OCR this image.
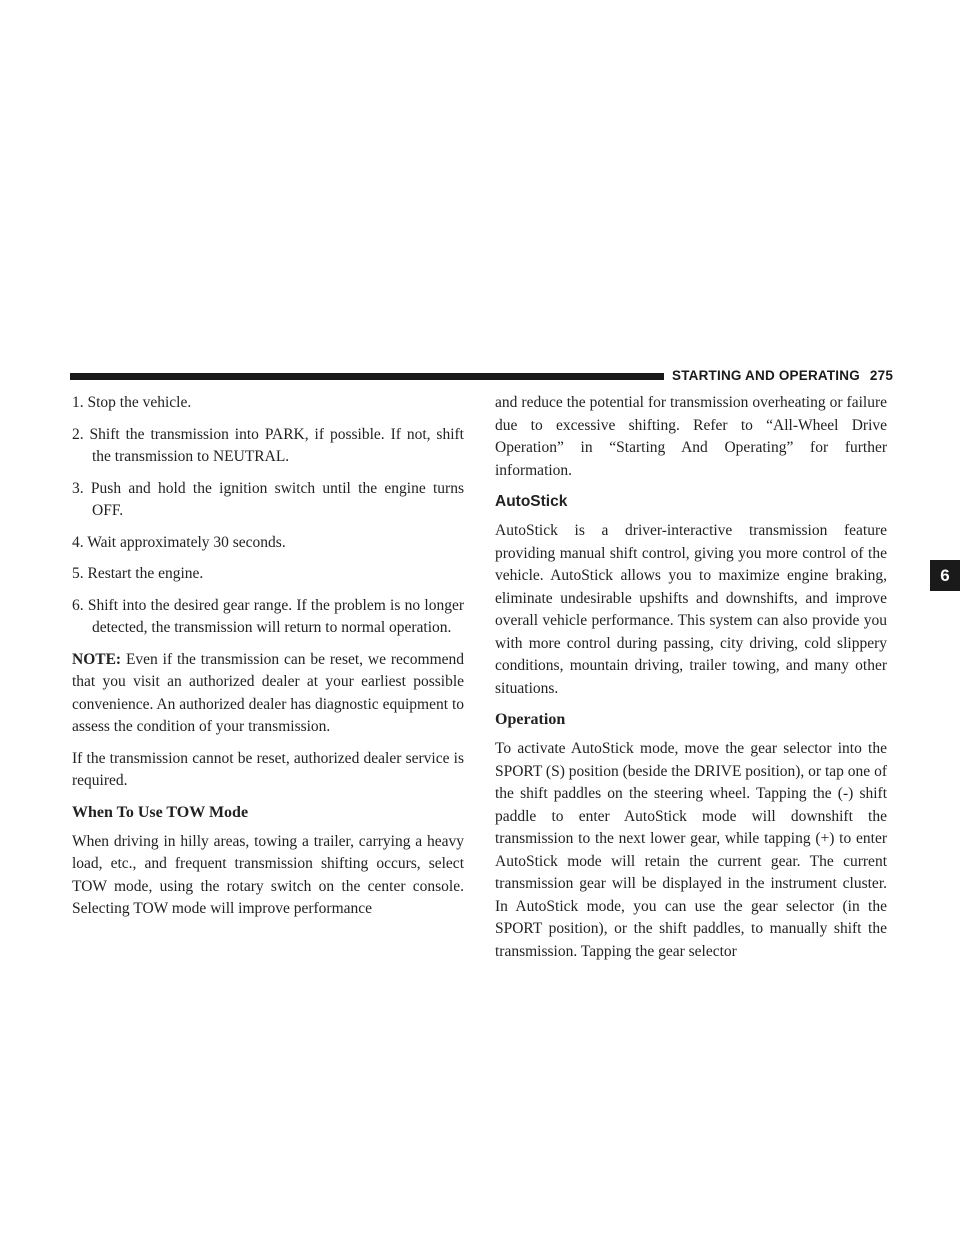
STARTING AND OPERATING 275
6

1. Stop the vehicle.

2. Shift the transmission into PARK, if possible. If not, shift the transmission to NEUTRAL.

3. Push and hold the ignition switch until the engine turns OFF.

4. Wait approximately 30 seconds.

5. Restart the engine.

6. Shift into the desired gear range. If the problem is no longer detected, the transmission will return to normal operation.

NOTE: Even if the transmission can be reset, we recommend that you visit an authorized dealer at your earliest possible convenience. An authorized dealer has diagnostic equipment to assess the condition of your transmission.

If the transmission cannot be reset, authorized dealer service is required.

When To Use TOW Mode

When driving in hilly areas, towing a trailer, carrying a heavy load, etc., and frequent transmission shifting occurs, select TOW mode, using the rotary switch on the center console. Selecting TOW mode will improve performance

and reduce the potential for transmission overheating or failure due to excessive shifting. Refer to “All-Wheel Drive Operation” in “Starting And Operating” for further information.

AutoStick

AutoStick is a driver-interactive transmission feature providing manual shift control, giving you more control of the vehicle. AutoStick allows you to maximize engine braking, eliminate undesirable upshifts and downshifts, and improve overall vehicle performance. This system can also provide you with more control during passing, city driving, cold slippery conditions, mountain driving, trailer towing, and many other situations.

Operation

To activate AutoStick mode, move the gear selector into the SPORT (S) position (beside the DRIVE position), or tap one of the shift paddles on the steering wheel. Tapping the (-) shift paddle to enter AutoStick mode will downshift the transmission to the next lower gear, while tapping (+) to enter AutoStick mode will retain the current gear. The current transmission gear will be displayed in the instrument cluster. In AutoStick mode, you can use the gear selector (in the SPORT position), or the shift paddles, to manually shift the transmission. Tapping the gear selector
